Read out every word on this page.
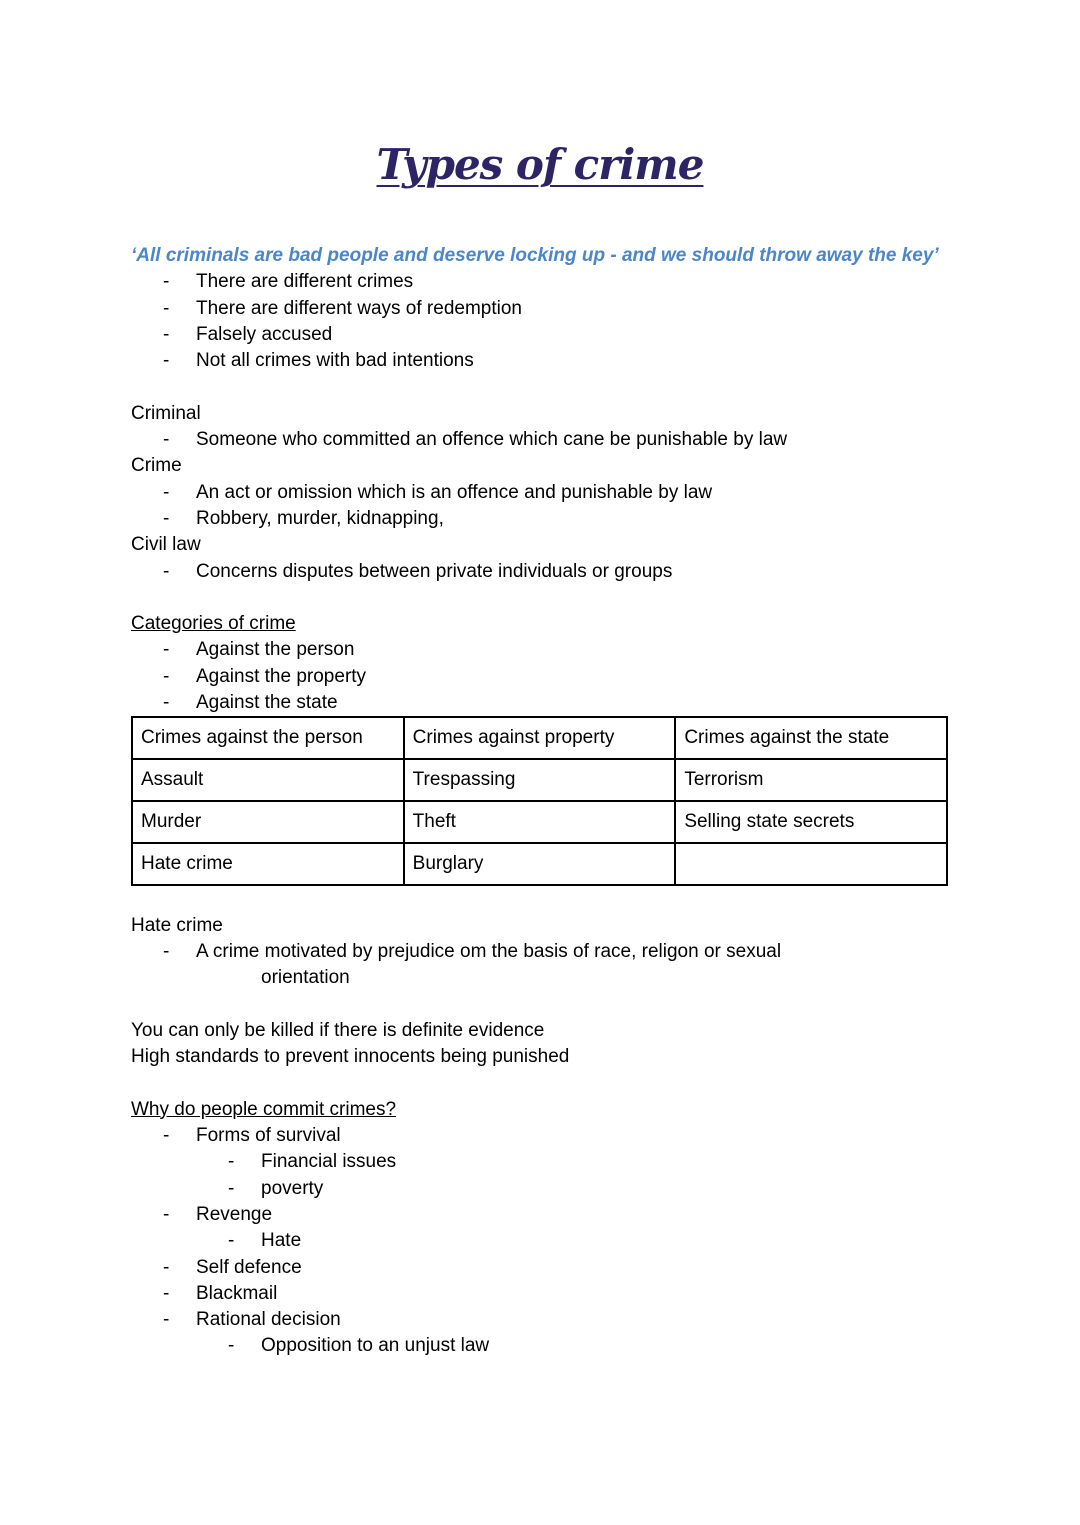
Types of crime
‘All criminals are bad people and deserve locking up - and we should throw away the key’
- There are different crimes
- There are different ways of redemption
- Falsely accused
- Not all crimes with bad intentions
Criminal
- Someone who committed an offence which cane be punishable by law
Crime
- An act or omission which is an offence and punishable by law
- Robbery, murder, kidnapping,
Civil law
- Concerns disputes between private individuals or groups
Categories of crime
- Against the person
- Against the property
- Against the state
Crimes against the person	Crimes against property	Crimes against the state
Assault	Trespassing	Terrorism
Murder	Theft	Selling state secrets
Hate crime	Burglary	
Hate crime
- A crime motivated by prejudice om the basis of race, religon or sexual
orientation
You can only be killed if there is definite evidence
High standards to prevent innocents being punished
Why do people commit crimes?
- Forms of survival
- Financial issues
- poverty
- Revenge
- Hate
- Self defence
- Blackmail
- Rational decision
- Opposition to an unjust law
